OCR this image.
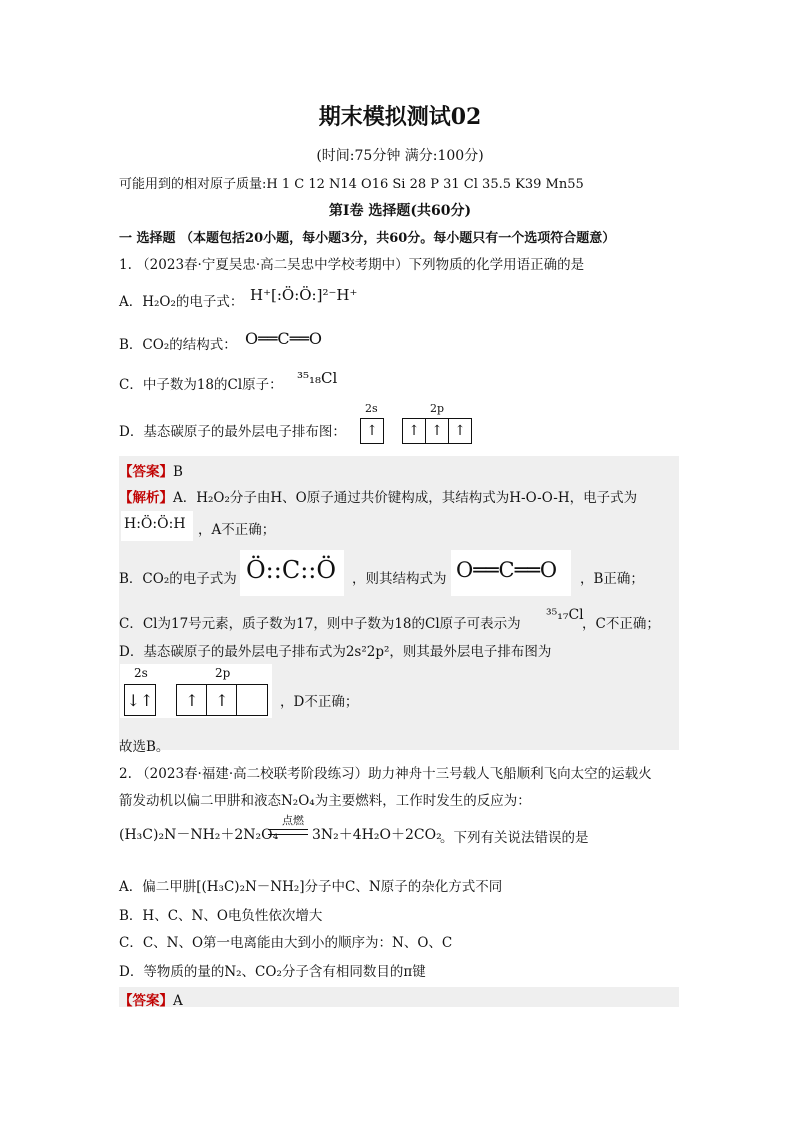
期末模拟测试02
(时间:75分钟 满分:100分)
可能用到的相对原子质量:H 1 C 12 N14 O16 Si 28 P 31 Cl 35.5 K39 Mn55
第Ⅰ卷 选择题(共60分)
一 选择题 （本题包括20小题，每小题3分，共60分。每小题只有一个选项符合题意）
1. （2023春·宁夏吴忠·高二吴忠中学校考期中）下列物质的化学用语正确的是
A．H₂O₂的电子式： H⁺[:Ö:Ö:]²⁻H⁺
B．CO₂的结构式： O══C══O
C．中子数为18的Cl原子： ³⁵₁₈Cl
D．基态碳原子的最外层电子排布图：
2s	2p
↑ ↑ ↑ ↑
【答案】B
【解析】A．H₂O₂分子由H、O原子通过共价键构成，其结构式为H-O-O-H，电子式为
H:Ö:Ö:H ，A不正确；
B．CO₂的电子式为 Ö::C::Ö ，则其结构式为 O══C══O ，B正确；
C．Cl为17号元素，质子数为17，则中子数为18的Cl原子可表示为
³⁵₁₇Cl
，C不正确；
D．基态碳原子的最外层电子排布式为2s²2p²，则其最外层电子排布图为
2s	2p
↓ ↑ ↑ ↑	，D不正确；
故选B。
2. （2023春·福建·高二校联考阶段练习）助力神舟十三号载人飞船顺利飞向太空的运载火
箭发动机以偏二甲肼和液态N₂O₄为主要燃料，工作时发生的反应为：
点燃
(H₃C)₂N－NH₂＋2N₂O₄ 3N₂＋4H₂O＋2CO₂
。下列有关说法错误的是
A．偏二甲肼[(H₃C)₂N－NH₂]分子中C、N原子的杂化方式不同
B．H、C、N、O电负性依次增大
C．C、N、O第一电离能由大到小的顺序为：N、O、C
D．等物质的量的N₂、CO₂分子含有相同数目的π键
【答案】A
